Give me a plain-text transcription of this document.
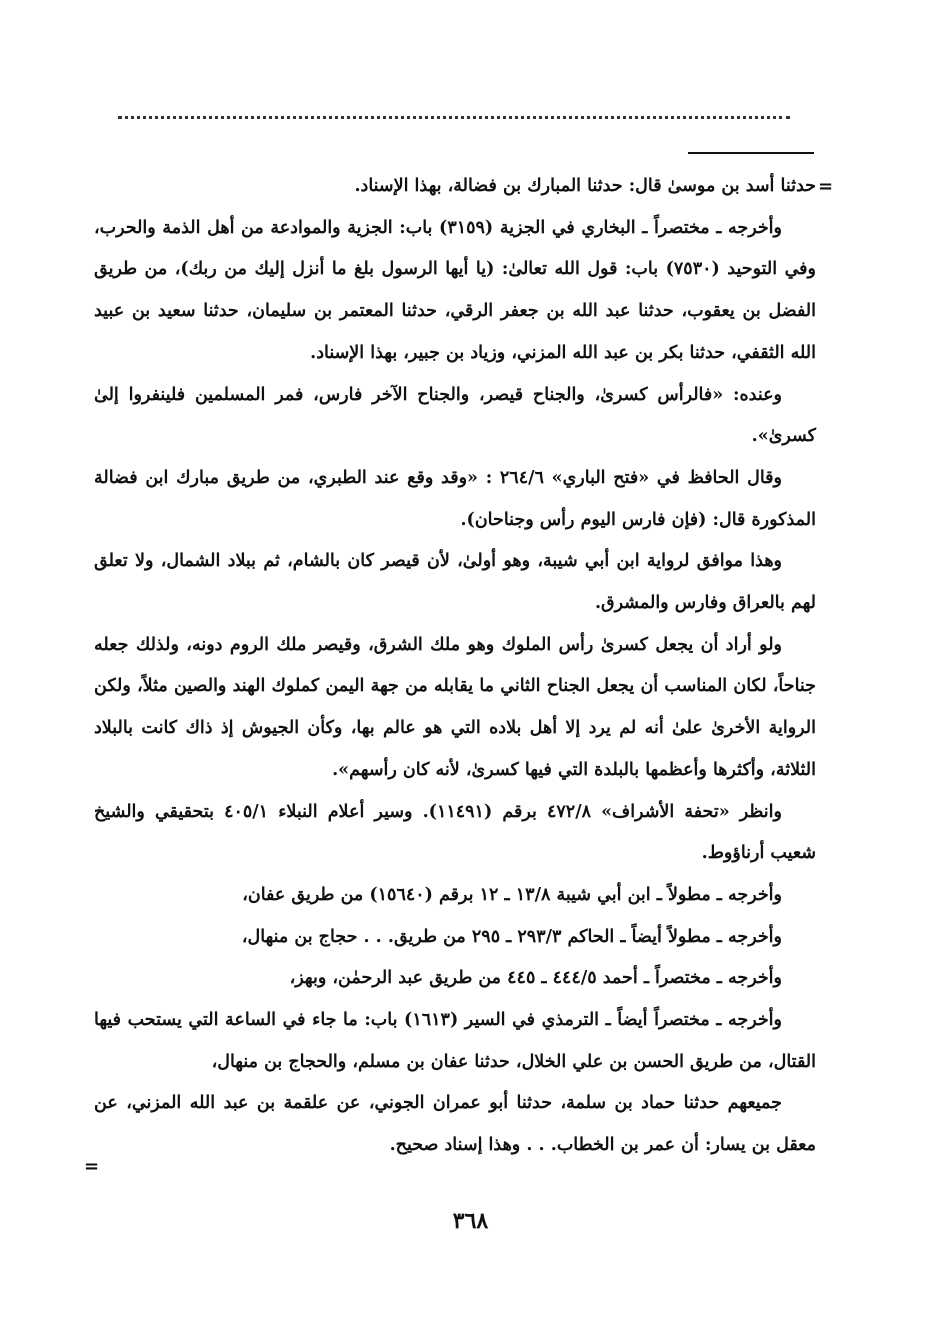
=

حدثنا أسد بن موسىٰ قال: حدثنا المبارك بن فضالة، بهذا الإسناد.

وأخرجه ـ مختصراً ـ البخاري في الجزية (٣١٥٩) باب: الجزية والموادعة من أهل الذمة والحرب، وفي التوحيد (٧٥٣٠) باب: قول الله تعالىٰ: (يا أيها الرسول بلغ ما أنزل إليك من ربك)، من طريق الفضل بن يعقوب، حدثنا عبد الله بن جعفر الرقي، حدثنا المعتمر بن سليمان، حدثنا سعيد بن عبيد الله الثقفي، حدثنا بكر بن عبد الله المزني، وزياد بن جبير، بهذا الإسناد.

وعنده: «فالرأس كسرىٰ، والجناح قيصر، والجناح الآخر فارس، فمر المسلمين فلينفروا إلىٰ كسرىٰ».

وقال الحافظ في «فتح الباري» ٢٦٤/٦ : «وقد وقع عند الطبري، من طريق مبارك ابن فضالة المذكورة قال: (فإن فارس اليوم رأس وجناحان).

وهذا موافق لرواية ابن أبي شيبة، وهو أولىٰ، لأن قيصر كان بالشام، ثم ببلاد الشمال، ولا تعلق لهم بالعراق وفارس والمشرق.

ولو أراد أن يجعل كسرىٰ رأس الملوك وهو ملك الشرق، وقيصر ملك الروم دونه، ولذلك جعله جناحاً، لكان المناسب أن يجعل الجناح الثاني ما يقابله من جهة اليمن كملوك الهند والصين مثلاً، ولكن الرواية الأخرىٰ علىٰ أنه لم يرد إلا أهل بلاده التي هو عالم بها، وكأن الجيوش إذ ذاك كانت بالبلاد الثلاثة، وأكثرها وأعظمها بالبلدة التي فيها كسرىٰ، لأنه كان رأسهم».

وانظر «تحفة الأشراف» ٤٧٢/٨ برقم (١١٤٩١). وسير أعلام النبلاء ٤٠٥/١ بتحقيقي والشيخ شعيب أرناؤوط.

وأخرجه ـ مطولاً ـ ابن أبي شيبة ١٣/٨ ـ ١٢ برقم (١٥٦٤٠) من طريق عفان،

وأخرجه ـ مطولاً أيضاً ـ الحاكم ٢٩٣/٣ ـ ٢٩٥ من طريق. . . حجاج بن منهال،

وأخرجه ـ مختصراً ـ أحمد ٤٤٤/٥ ـ ٤٤٥ من طريق عبد الرحمٰن، وبهز،

وأخرجه ـ مختصراً أيضاً ـ الترمذي في السير (١٦١٣) باب: ما جاء في الساعة التي يستحب فيها القتال، من طريق الحسن بن علي الخلال، حدثنا عفان بن مسلم، والحجاج بن منهال،

جميعهم حدثنا حماد بن سلمة، حدثنا أبو عمران الجوني، عن علقمة بن عبد الله المزني، عن معقل بن يسار: أن عمر بن الخطاب. . . وهذا إسناد صحيح.

=
٣٦٨
